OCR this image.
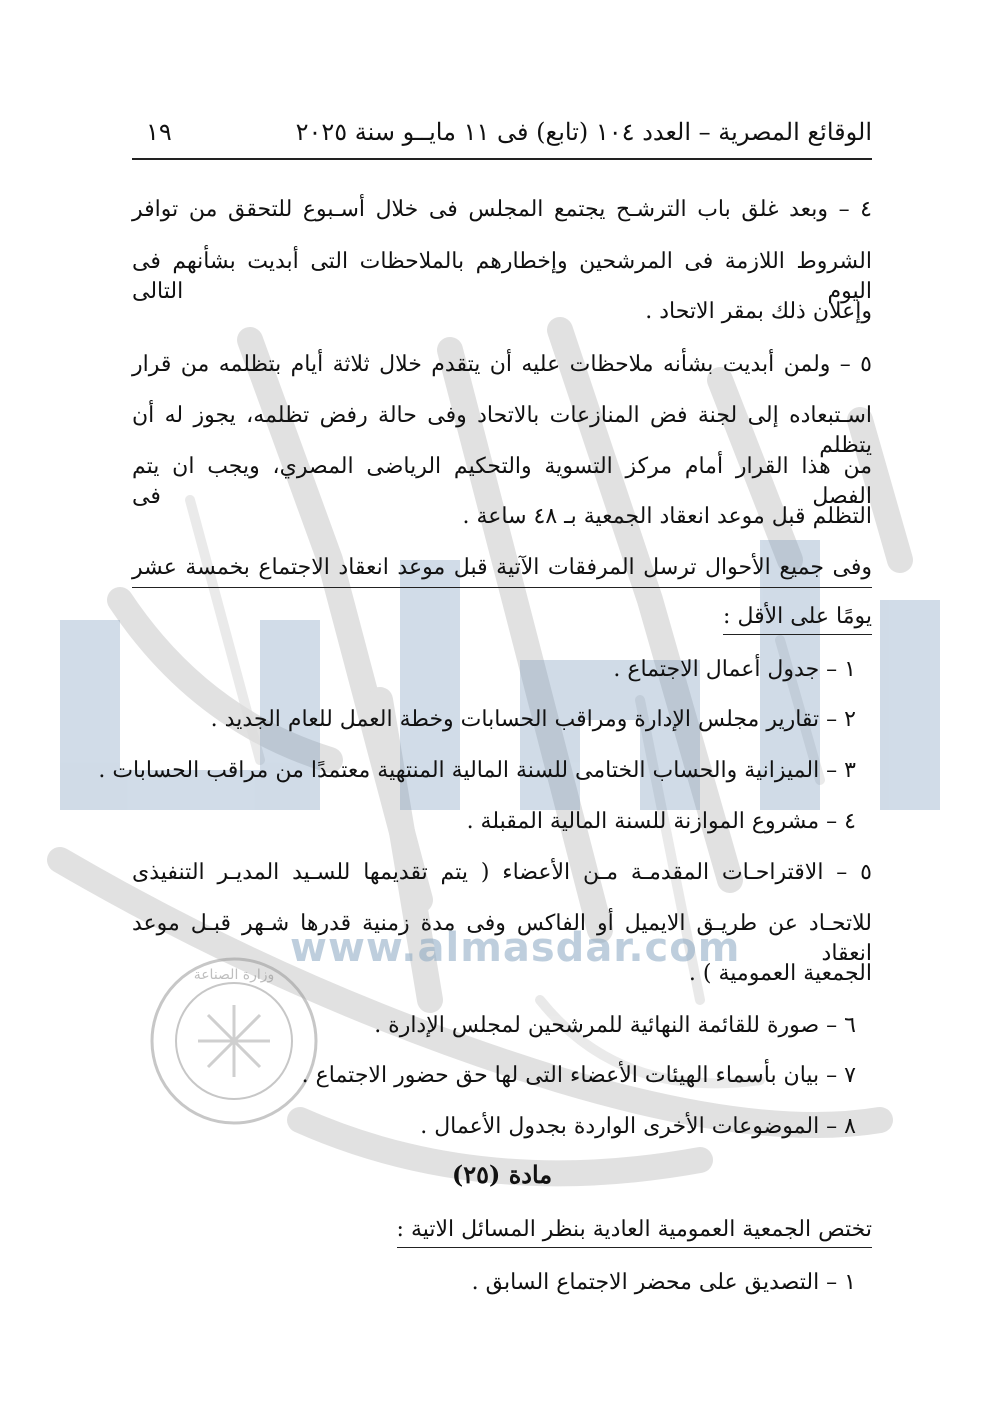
www.almasdar.com
وزارة الصناعة
الوقائع المصرية – العدد ١٠٤ (تابع) فى ١١ مايــو سنة ٢٠٢٥
١٩
٤ – وبعد غلق باب الترشـح يجتمع المجلس فى خلال أسـبوع للتحقق من توافر
الشروط اللازمة فى المرشحين وإخطارهم بالملاحظات التى أبديت بشأنهم فى اليوم التالى
وإعلان ذلك بمقر الاتحاد .
٥ – ولمن أبديت بشأنه ملاحظات عليه أن يتقدم خلال ثلاثة أيام بتظلمه من قرار
اسـتبعاده إلى لجنة فض المنازعات بالاتحاد وفى حالة رفض تظلمه، يجوز له أن يتظلم
من هذا القرار أمام مركز التسوية والتحكيم الرياضى المصري، ويجب ان يتم الفصل فى
التظلم قبل موعد انعقاد الجمعية بـ ٤٨ ساعة .
وفى جميع الأحوال ترسل المرفقات الآتية قبل موعد انعقاد الاجتماع بخمسة عشر
يومًا على الأقل :
١ – جدول أعمال الاجتماع .
٢ – تقارير مجلس الإدارة ومراقب الحسابات وخطة العمل للعام الجديد .
٣ – الميزانية والحساب الختامى للسنة المالية المنتهية معتمدًا من مراقب الحسابات .
٤ – مشروع الموازنة للسنة المالية المقبلة .
٥ – الاقتراحـات المقدمـة مـن الأعضاء ( يتم تقديمها للسـيد المديـر التنفيذى
للاتحـاد عن طريـق الايميل أو الفاكس وفى مدة زمنية قدرها شـهر قبـل موعد انعقاد
الجمعية العمومية ) .
٦ – صورة للقائمة النهائية للمرشحين لمجلس الإدارة .
٧ – بيان بأسماء الهيئات الأعضاء التى لها حق حضور الاجتماع .
٨ – الموضوعات الأخرى الواردة بجدول الأعمال .
مادة (٢٥)
تختص الجمعية العمومية العادية بنظر المسائل الاتية :
١ – التصديق على محضر الاجتماع السابق .
